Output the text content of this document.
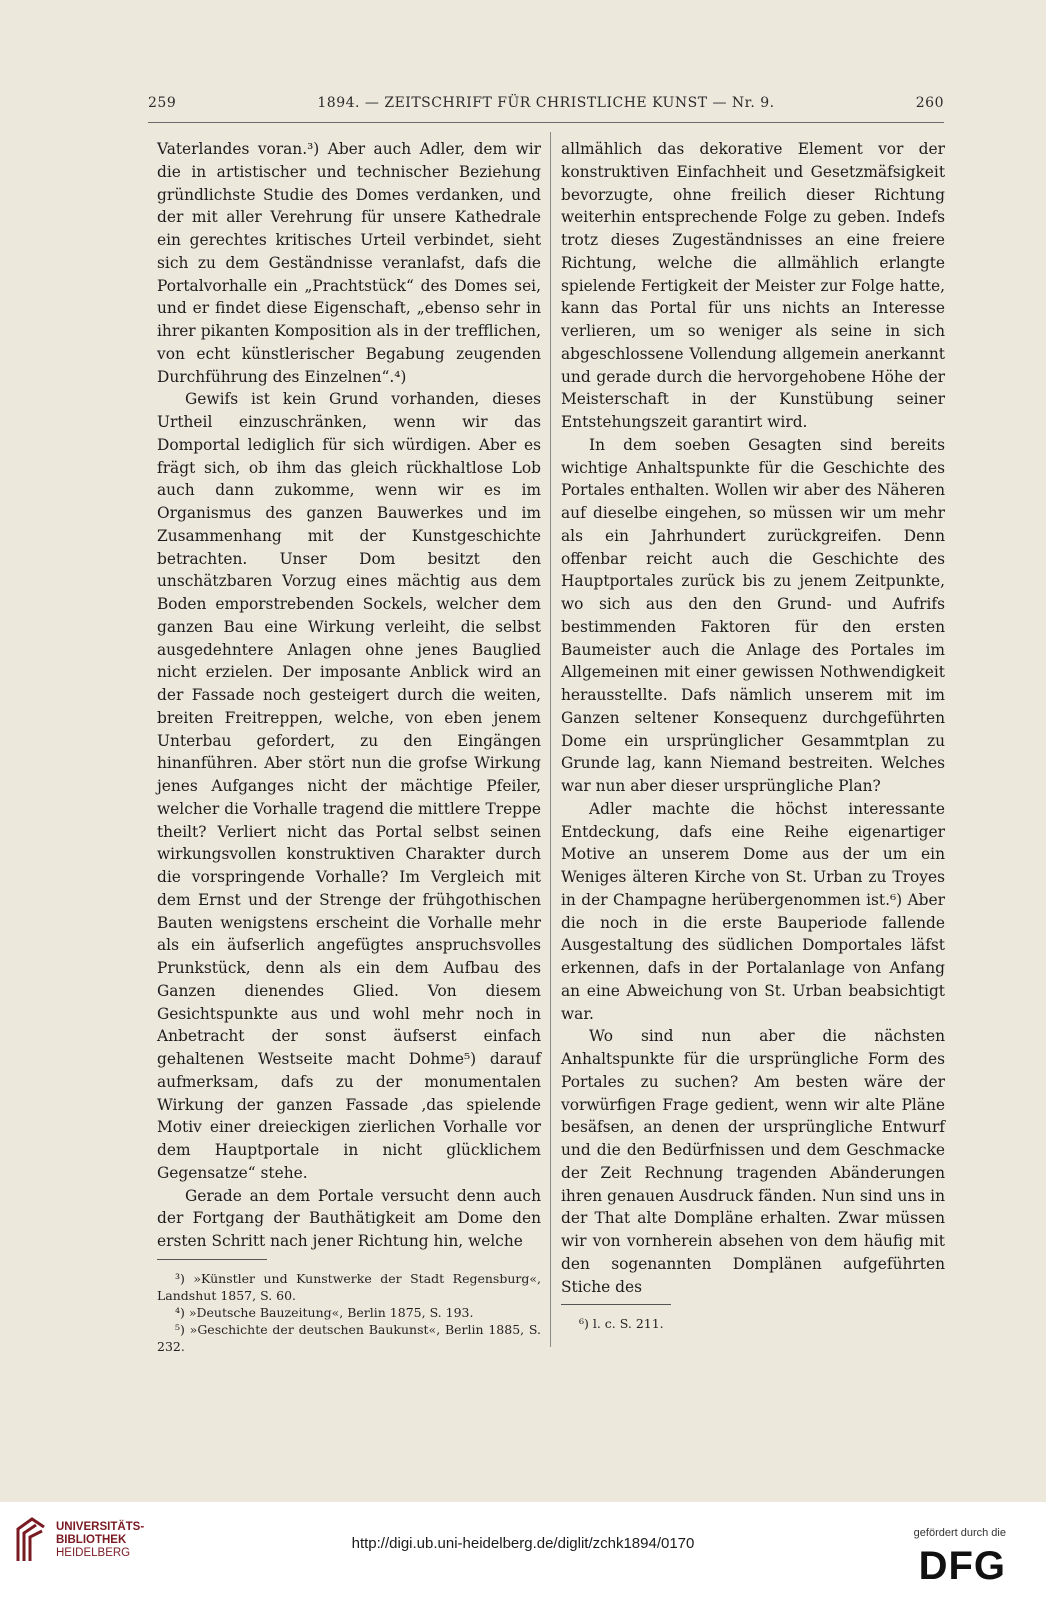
259	1894. — ZEITSCHRIFT FÜR CHRISTLICHE KUNST — Nr. 9.	260

Vaterlandes voran.³) Aber auch Adler, dem wir die in artistischer und technischer Beziehung gründlichste Studie des Domes verdanken, und der mit aller Verehrung für unsere Kathedrale ein gerechtes kritisches Urteil verbindet, sieht sich zu dem Geständnisse veranlafst, dafs die Portalvorhalle ein „Prachtstück“ des Domes sei, und er findet diese Eigenschaft, „ebenso sehr in ihrer pikanten Komposition als in der trefflichen, von echt künstlerischer Begabung zeugenden Durchführung des Einzelnen“.⁴)

Gewifs ist kein Grund vorhanden, dieses Urtheil einzuschränken, wenn wir das Domportal lediglich für sich würdigen. Aber es frägt sich, ob ihm das gleich rückhaltlose Lob auch dann zukomme, wenn wir es im Organismus des ganzen Bauwerkes und im Zusammenhang mit der Kunstgeschichte betrachten. Unser Dom besitzt den unschätzbaren Vorzug eines mächtig aus dem Boden emporstrebenden Sockels, welcher dem ganzen Bau eine Wirkung verleiht, die selbst ausgedehntere Anlagen ohne jenes Bauglied nicht erzielen. Der imposante Anblick wird an der Fassade noch gesteigert durch die weiten, breiten Freitreppen, welche, von eben jenem Unterbau gefordert, zu den Eingängen hinanführen. Aber stört nun die grofse Wirkung jenes Aufganges nicht der mächtige Pfeiler, welcher die Vorhalle tragend die mittlere Treppe theilt? Verliert nicht das Portal selbst seinen wirkungsvollen konstruktiven Charakter durch die vorspringende Vorhalle? Im Vergleich mit dem Ernst und der Strenge der frühgothischen Bauten wenigstens erscheint die Vorhalle mehr als ein äufserlich angefügtes anspruchsvolles Prunkstück, denn als ein dem Aufbau des Ganzen dienendes Glied. Von diesem Gesichtspunkte aus und wohl mehr noch in Anbetracht der sonst äufserst einfach gehaltenen Westseite macht Dohme⁵) darauf aufmerksam, dafs zu der monumentalen Wirkung der ganzen Fassade ‚das spielende Motiv einer dreieckigen zierlichen Vorhalle vor dem Hauptportale in nicht glücklichem Gegensatze“ stehe.

Gerade an dem Portale versucht denn auch der Fortgang der Bauthätigkeit am Dome den ersten Schritt nach jener Richtung hin, welche

³) »Künstler und Kunstwerke der Stadt Regensburg«, Landshut 1857, S. 60.

⁴) »Deutsche Bauzeitung«, Berlin 1875, S. 193.

⁵) »Geschichte der deutschen Baukunst«, Berlin 1885, S. 232.

allmählich das dekorative Element vor der konstruktiven Einfachheit und Gesetzmäfsigkeit bevorzugte, ohne freilich dieser Richtung weiterhin entsprechende Folge zu geben. Indefs trotz dieses Zugeständnisses an eine freiere Richtung, welche die allmählich erlangte spielende Fertigkeit der Meister zur Folge hatte, kann das Portal für uns nichts an Interesse verlieren, um so weniger als seine in sich abgeschlossene Vollendung allgemein anerkannt und gerade durch die hervorgehobene Höhe der Meisterschaft in der Kunstübung seiner Entstehungszeit garantirt wird.

In dem soeben Gesagten sind bereits wichtige Anhaltspunkte für die Geschichte des Portales enthalten. Wollen wir aber des Näheren auf dieselbe eingehen, so müssen wir um mehr als ein Jahrhundert zurückgreifen. Denn offenbar reicht auch die Geschichte des Hauptportales zurück bis zu jenem Zeitpunkte, wo sich aus den den Grund- und Aufrifs bestimmenden Faktoren für den ersten Baumeister auch die Anlage des Portales im Allgemeinen mit einer gewissen Nothwendigkeit herausstellte. Dafs nämlich unserem mit im Ganzen seltener Konsequenz durchgeführten Dome ein ursprünglicher Gesammtplan zu Grunde lag, kann Niemand bestreiten. Welches war nun aber dieser ursprüngliche Plan?

Adler machte die höchst interessante Entdeckung, dafs eine Reihe eigenartiger Motive an unserem Dome aus der um ein Weniges älteren Kirche von St. Urban zu Troyes in der Champagne herübergenommen ist.⁶) Aber die noch in die erste Bauperiode fallende Ausgestaltung des südlichen Domportales läfst erkennen, dafs in der Portalanlage von Anfang an eine Abweichung von St. Urban beabsichtigt war.

Wo sind nun aber die nächsten Anhaltspunkte für die ursprüngliche Form des Portales zu suchen? Am besten wäre der vorwürfigen Frage gedient, wenn wir alte Pläne besäfsen, an denen der ursprüngliche Entwurf und die den Bedürfnissen und dem Geschmacke der Zeit Rechnung tragenden Abänderungen ihren genauen Ausdruck fänden. Nun sind uns in der That alte Dompläne erhalten. Zwar müssen wir von vornherein absehen von dem häufig mit den sogenannten Domplänen aufgeführten Stiche des

⁶) l. c. S. 211.

UNIVERSITÄTS-
BIBLIOTHEK
HEIDELBERG
http://digi.ub.uni-heidelberg.de/diglit/zchk1894/0170
gefördert durch die
DFG
